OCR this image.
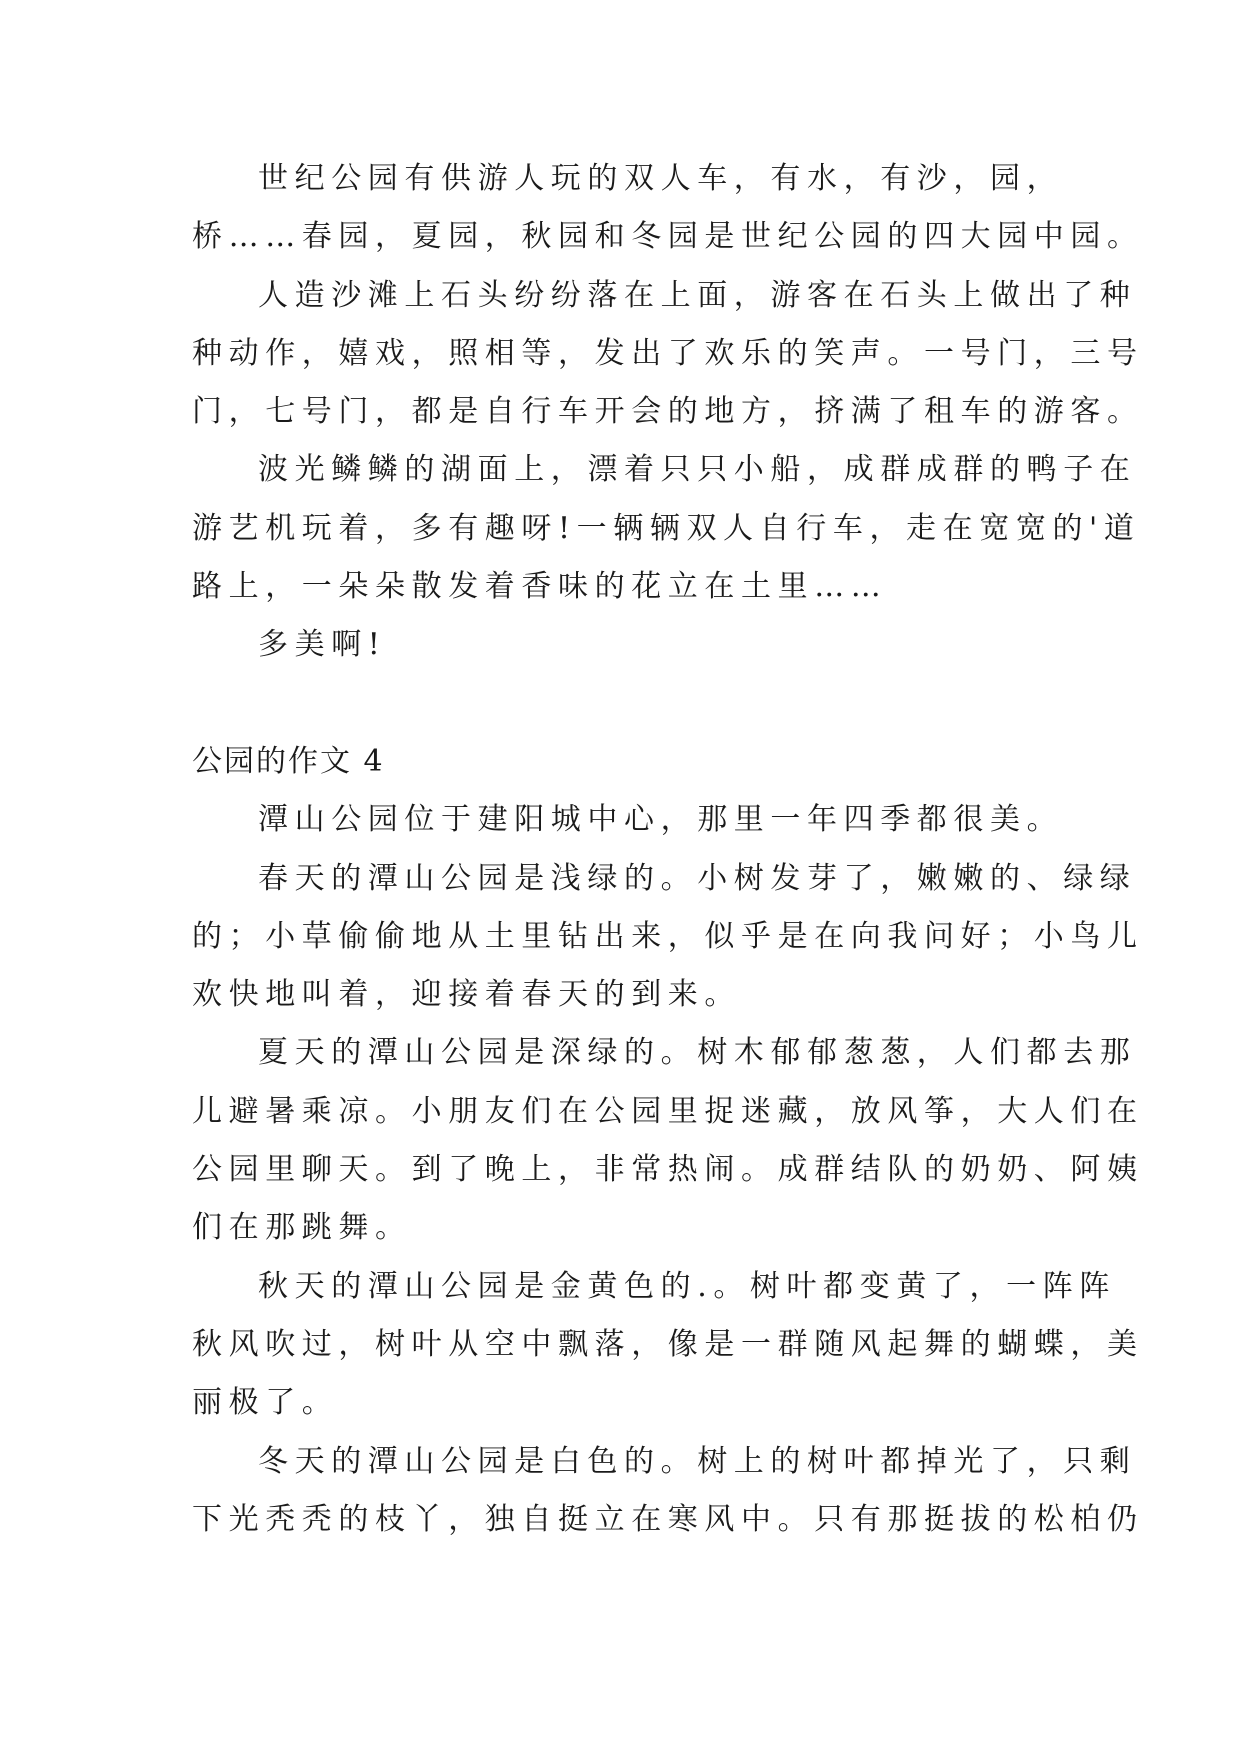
世纪公园有供游人玩的双人车，有水，有沙，园，
桥……春园，夏园，秋园和冬园是世纪公园的四大园中园。
人造沙滩上石头纷纷落在上面，游客在石头上做出了种
种动作，嬉戏，照相等，发出了欢乐的笑声。一号门，三号
门，七号门，都是自行车开会的地方，挤满了租车的游客。
波光鳞鳞的湖面上，漂着只只小船，成群成群的鸭子在
游艺机玩着，多有趣呀!一辆辆双人自行车，走在宽宽的'道
路上，一朵朵散发着香味的花立在土里……
多美啊!
公园的作文 4
潭山公园位于建阳城中心，那里一年四季都很美。
春天的潭山公园是浅绿的。小树发芽了，嫩嫩的、绿绿
的；小草偷偷地从土里钻出来，似乎是在向我问好；小鸟儿
欢快地叫着，迎接着春天的到来。
夏天的潭山公园是深绿的。树木郁郁葱葱，人们都去那
儿避暑乘凉。小朋友们在公园里捉迷藏，放风筝，大人们在
公园里聊天。到了晚上，非常热闹。成群结队的奶奶、阿姨
们在那跳舞。
秋天的潭山公园是金黄色的.。树叶都变黄了，一阵阵
秋风吹过，树叶从空中飘落，像是一群随风起舞的蝴蝶，美
丽极了。
冬天的潭山公园是白色的。树上的树叶都掉光了，只剩
下光秃秃的枝丫，独自挺立在寒风中。只有那挺拔的松柏仍
